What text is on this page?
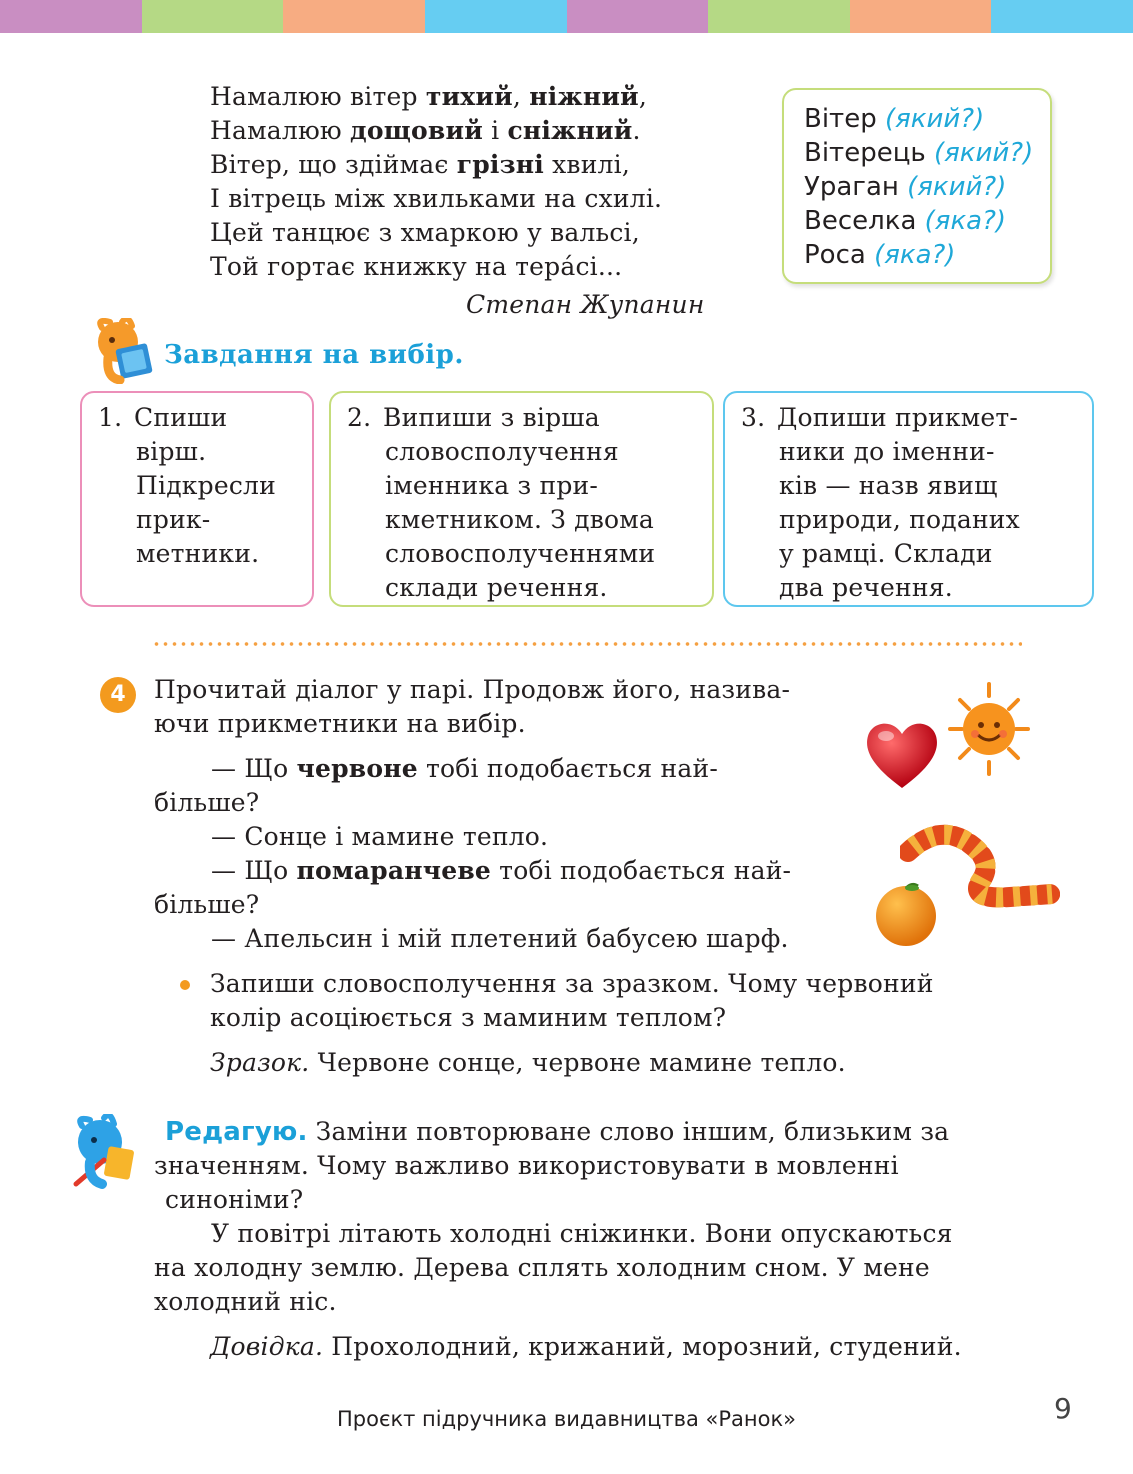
Намалюю вітер тихий, ніжний,
Намалюю дощовий і сніжний.
Вітер, що здіймає грізні хвилі,
І вітрець між хвильками на схилі.
Цей танцює з хмаркою у вальсі,
Той гортає книжку на терáсі...
Степан Жупанин
Вітер (який?)
Вітерець (який?)
Ураган (який?)
Веселка (яка?)
Роса (яка?)
Завдання на вибір.
1. Спиши
вірш.
Підкресли
прик-
метники.
2. Випиши з вірша
словосполучення
іменника з при-
кметником. З двома
словосполученнями
склади речення.
3. Допиши прикмет-
ники до іменни-
ків — назв явищ
природи, поданих
у рамці. Склади
два речення.
4	Прочитай діалог у парі. Продовж його, назива-
ючи прикметники на вибір.
— Що червоне тобі подобається най-
більше?
— Сонце і мамине тепло.
— Що помаранчеве тобі подобається най-
більше?
— Апельсин і мій плетений бабусею шарф.
Запиши словосполучення за зразком. Чому червоний
колір асоціюється з маминим теплом?
Зразок. Червоне сонце, червоне мамине тепло.
Редагую. Заміни повторюване слово іншим, близьким за
значенням. Чому важливо використовувати в мовленні
синоніми?
У повітрі літають холодні сніжинки. Вони опускаються
на холодну землю. Дерева сплять холодним сном. У мене
холодний ніс.
Довідка. Прохолодний, крижаний, морозний, студений.
Проєкт підручника видавництва «Ранок»	9
